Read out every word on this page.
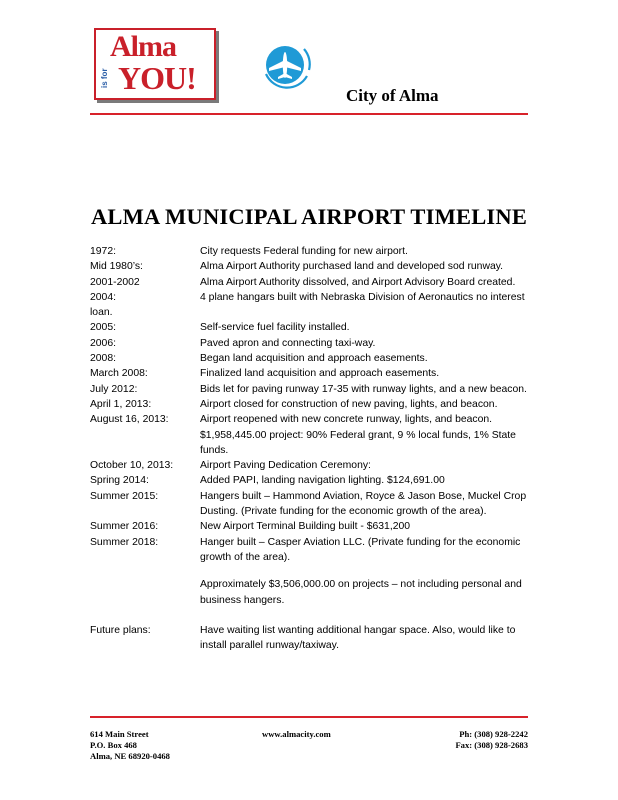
Alma
is for YOU!	City of Alma
ALMA MUNICIPAL AIRPORT TIMELINE
1972:	City requests Federal funding for new airport.
Mid 1980’s:	Alma Airport Authority purchased land and developed sod runway.
2001-2002	Alma Airport Authority dissolved, and Airport Advisory Board created.
2004:	4 plane hangars built with Nebraska Division of Aeronautics no interest loan.
2005:	Self-service fuel facility installed.
2006:	Paved apron and connecting taxi-way.
2008:	Began land acquisition and approach easements.
March 2008:	Finalized land acquisition and approach easements.
July 2012:	Bids let for paving runway 17-35 with runway lights, and a new beacon.
April 1, 2013:	Airport closed for construction of new paving, lights, and beacon.
August 16, 2013:	Airport reopened with new concrete runway, lights, and beacon.
$1,958,445.00 project: 90% Federal grant, 9 % local funds, 1% State funds.
October 10, 2013:	Airport Paving Dedication Ceremony:
Spring 2014:	Added PAPI, landing navigation lighting. $124,691.00
Summer 2015:	Hangers built – Hammond Aviation, Royce & Jason Bose, Muckel Crop Dusting. (Private funding for the economic growth of the area).
Summer 2016:	New Airport Terminal Building built - $631,200
Summer 2018:	Hanger built – Casper Aviation LLC. (Private funding for the economic growth of the area).
Approximately $3,506,000.00 on projects – not including personal and business hangers.
Future plans:	Have waiting list wanting additional hangar space. Also, would like to install parallel runway/taxiway.
614 Main Street
P.O. Box 468
Alma, NE 68920-0468
www.almacity.com	Ph: (308) 928-2242
Fax: (308) 928-2683
